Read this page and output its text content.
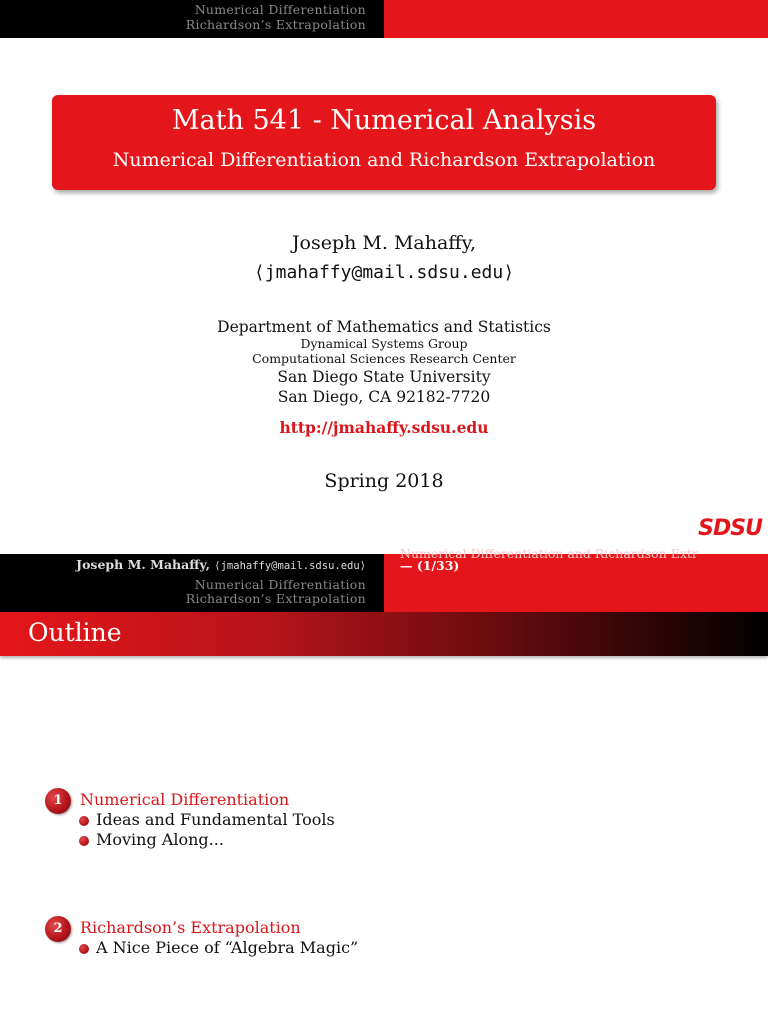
Numerical Differentiation
Richardson’s Extrapolation
Math 541 - Numerical Analysis
Numerical Differentiation and Richardson Extrapolation
Joseph M. Mahaffy,
⟨jmahaffy@mail.sdsu.edu⟩
Department of Mathematics and Statistics
Dynamical Systems Group
Computational Sciences Research Center
San Diego State University
San Diego, CA 92182-7720
http://jmahaffy.sdsu.edu
Spring 2018
SDSU
Joseph M. Mahaffy, ⟨jmahaffy@mail.sdsu.edu⟩
Numerical Differentiation
Richardson’s Extrapolation
Numerical Differentiation and Richardson Extr
— (1/33)
Outline
1	Numerical Differentiation
Ideas and Fundamental Tools
Moving Along...
2	Richardson’s Extrapolation
A Nice Piece of “Algebra Magic”
